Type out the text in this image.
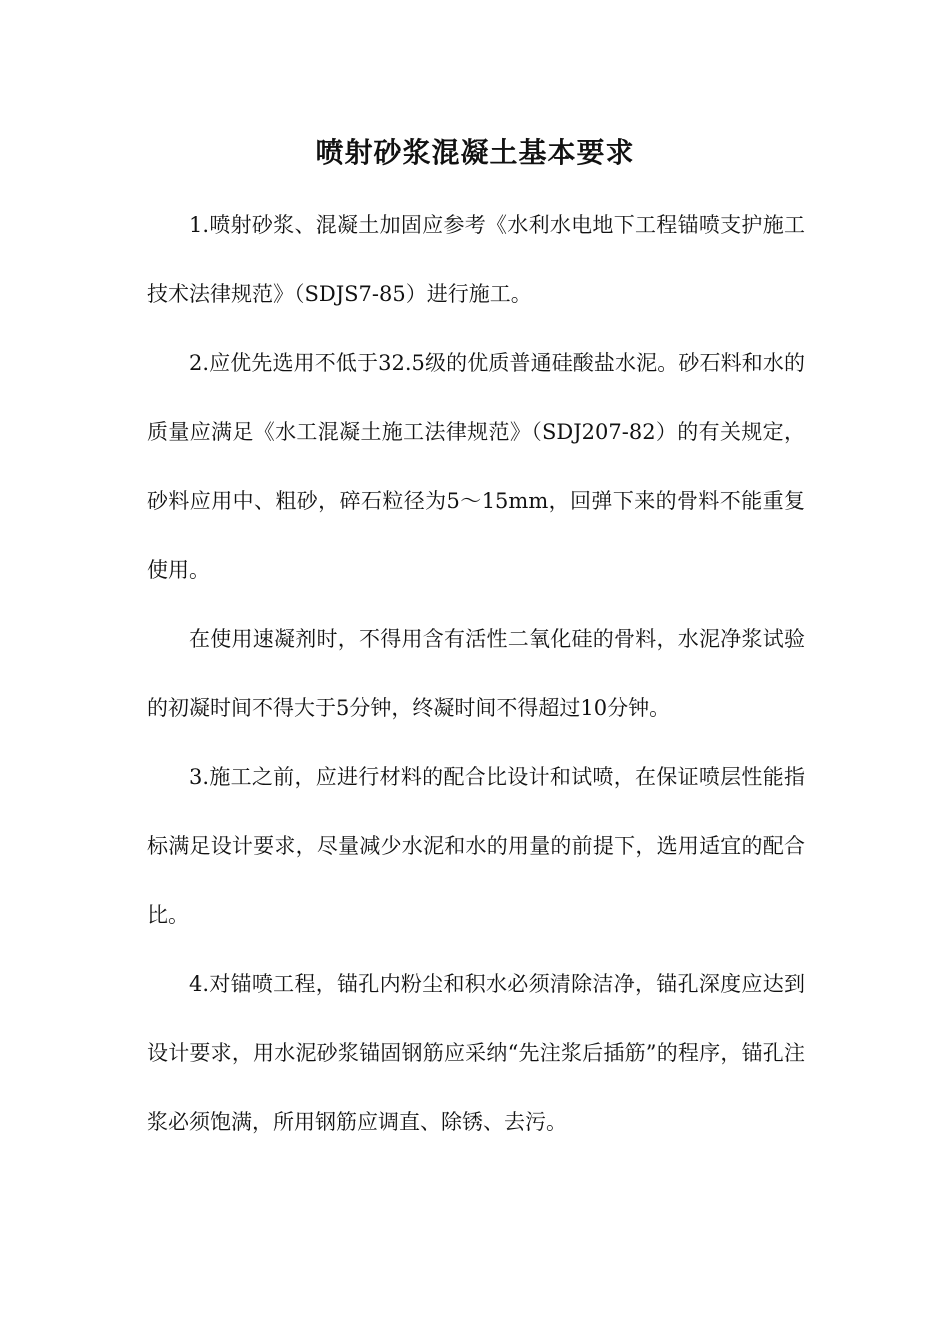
喷射砂浆混凝土基本要求

1.喷射砂浆、混凝土加固应参考《水利水电地下工程锚喷支护施工技术法律规范》（SDJS7-85）进行施工。

2.应优先选用不低于32.5级的优质普通硅酸盐水泥。砂石料和水的质量应满足《水工混凝土施工法律规范》（SDJ207-82）的有关规定，砂料应用中、粗砂，碎石粒径为5～15mm，回弹下来的骨料不能重复使用。

在使用速凝剂时，不得用含有活性二氧化硅的骨料，水泥净浆试验的初凝时间不得大于5分钟，终凝时间不得超过10分钟。

3.施工之前，应进行材料的配合比设计和试喷，在保证喷层性能指标满足设计要求，尽量减少水泥和水的用量的前提下，选用适宜的配合比。

4.对锚喷工程，锚孔内粉尘和积水必须清除洁净，锚孔深度应达到设计要求，用水泥砂浆锚固钢筋应采纳“先注浆后插筋”的程序，锚孔注浆必须饱满，所用钢筋应调直、除锈、去污。
